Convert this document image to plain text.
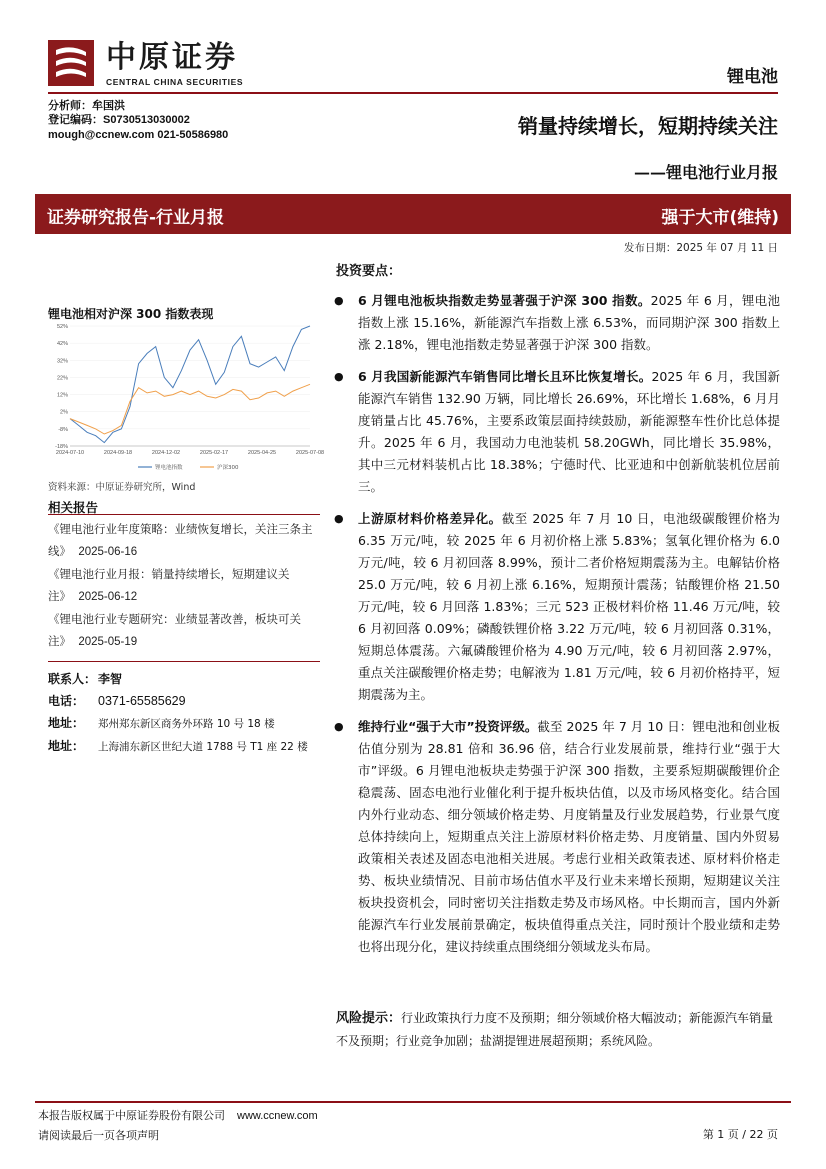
中原证券
CENTRAL CHINA SECURITIES	锂电池
分析师：牟国洪
登记编码：S0730513030002
mough@ccnew.com 021-50586980	销量持续增长，短期持续关注
——锂电池行业月报
证券研究报告-行业月报	强于大市(维持)
发布日期：2025 年 07 月 11 日
锂电池相对沪深 300 指数表现
52%
42%
32%
22%
12%
2%
-8%
-18%
2024-07-10	2024-09-18	2024-12-02	2025-02-17	2025-04-25	2025-07-08
锂电池指数	沪深300
资料来源：中原证券研究所，Wind
相关报告
《锂电池行业年度策略：业绩恢复增长，关注三条主线》 2025-06-16
《锂电池行业月报：销量持续增长，短期建议关注》 2025-06-12
《锂电池行业专题研究：业绩显著改善，板块可关注》 2025-05-19
联系人： 李智
电话： 0371-65585629
地址： 郑州郑东新区商务外环路 10 号 18 楼
地址： 上海浦东新区世纪大道 1788 号 T1 座 22 楼
投资要点：
● 6 月锂电池板块指数走势显著强于沪深 300 指数。2025 年 6 月，锂电池指数上涨 15.16%，新能源汽车指数上涨 6.53%，而同期沪深 300 指数上涨 2.18%，锂电池指数走势显著强于沪深 300 指数。
● 6 月我国新能源汽车销售同比增长且环比恢复增长。2025 年 6 月，我国新能源汽车销售 132.90 万辆，同比增长 26.69%，环比增长 1.68%，6 月月度销量占比 45.76%，主要系政策层面持续鼓励，新能源整车性价比总体提升。2025 年 6 月，我国动力电池装机 58.20GWh，同比增长 35.98%，其中三元材料装机占比 18.38%；宁德时代、比亚迪和中创新航装机位居前三。
● 上游原材料价格差异化。截至 2025 年 7 月 10 日，电池级碳酸锂价格为 6.35 万元/吨，较 2025 年 6 月初价格上涨 5.83%；氢氧化锂价格为 6.0 万元/吨，较 6 月初回落 8.99%，预计二者价格短期震荡为主。电解钴价格 25.0 万元/吨，较 6 月初上涨 6.16%，短期预计震荡；钴酸锂价格 21.50 万元/吨，较 6 月回落 1.83%；三元 523 正极材料价格 11.46 万元/吨，较 6 月初回落 0.09%；磷酸铁锂价格 3.22 万元/吨，较 6 月初回落 0.31%，短期总体震荡。六氟磷酸锂价格为 4.90 万元/吨，较 6 月初回落 2.97%，重点关注碳酸锂价格走势；电解液为 1.81 万元/吨，较 6 月初价格持平，短期震荡为主。
● 维持行业“强于大市”投资评级。截至 2025 年 7 月 10 日：锂电池和创业板估值分别为 28.81 倍和 36.96 倍，结合行业发展前景，维持行业“强于大市”评级。6 月锂电池板块走势强于沪深 300 指数，主要系短期碳酸锂价企稳震荡、固态电池行业催化利于提升板块估值，以及市场风格变化。结合国内外行业动态、细分领域价格走势、月度销量及行业发展趋势，行业景气度总体持续向上，短期重点关注上游原材料价格走势、月度销量、国内外贸易政策相关表述及固态电池相关进展。考虑行业相关政策表述、原材料价格走势、板块业绩情况、目前市场估值水平及行业未来增长预期，短期建议关注板块投资机会，同时密切关注指数走势及市场风格。中长期而言，国内外新能源汽车行业发展前景确定，板块值得重点关注，同时预计个股业绩和走势也将出现分化，建议持续重点围绕细分领域龙头布局。
风险提示：行业政策执行力度不及预期；细分领域价格大幅波动；新能源汽车销量不及预期；行业竞争加剧；盐湖提锂进展超预期；系统风险。
本报告版权属于中原证券股份有限公司 www.ccnew.com
请阅读最后一页各项声明	第 1 页 / 22 页
